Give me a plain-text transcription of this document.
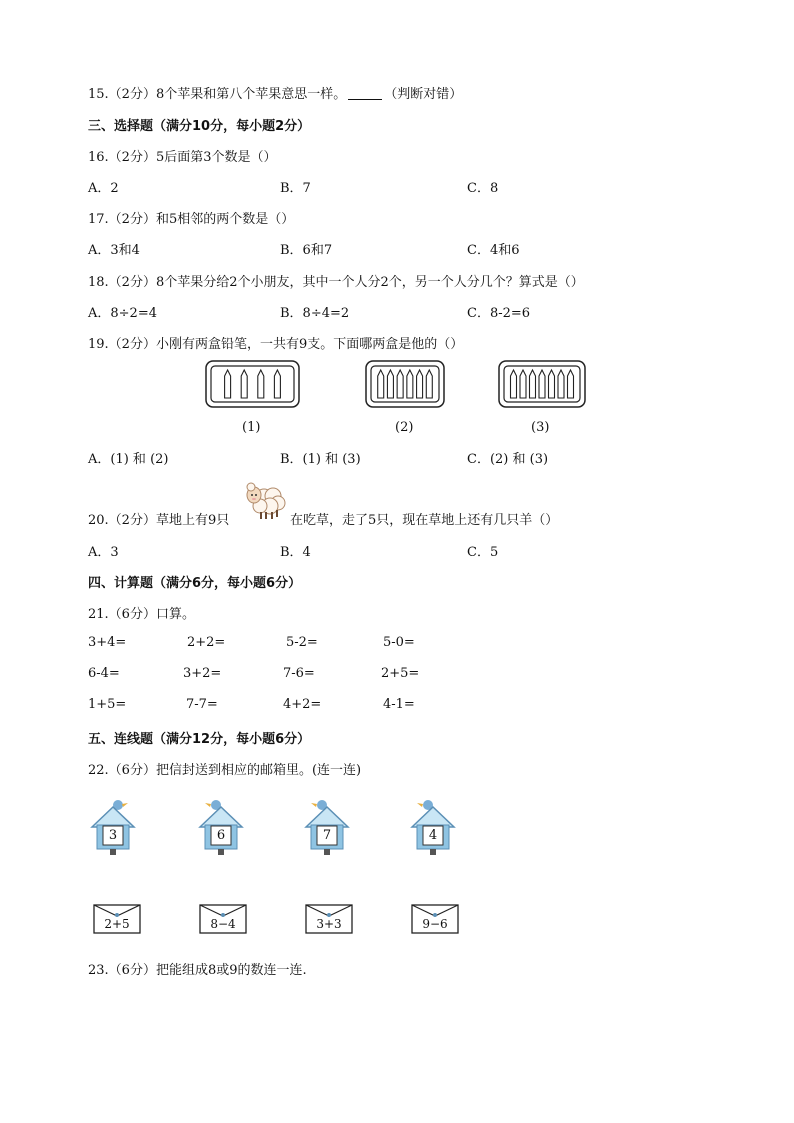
15.（2分）8个苹果和第八个苹果意思一样。	（判断对错）
三、选择题（满分10分，每小题2分）
16.（2分）5后面第3个数是（）
A．2	B．7	C．8
17.（2分）和5相邻的两个数是（）
A．3和4	B．6和7	C．4和6
18.（2分）8个苹果分给2个小朋友，其中一个人分2个，另一个人分几个？算式是（）
A．8÷2=4	B．8÷4=2	C．8-2=6
19.（2分）小刚有两盒铅笔，一共有9支。下面哪两盒是他的（）
(1)	(2)	(3)
A．(1) 和 (2)	B．(1) 和 (3)	C．(2) 和 (3)
20.（2分）草地上有9只	在吃草，走了5只，现在草地上还有几只羊（）
A．3	B．4	C．5
四、计算题（满分6分，每小题6分）
21.（6分）口算。
3+4=	2+2=	5-2=	5-0=
6-4=	3+2=	7-6=	2+5=
1+5=	7-7=	4+2=	4-1=
五、连线题（满分12分，每小题6分）
22.（6分）把信封送到相应的邮箱里。(连一连)
3	6	7	4
2+5	8−4	3+3	9−6
23.（6分）把能组成8或9的数连一连.
